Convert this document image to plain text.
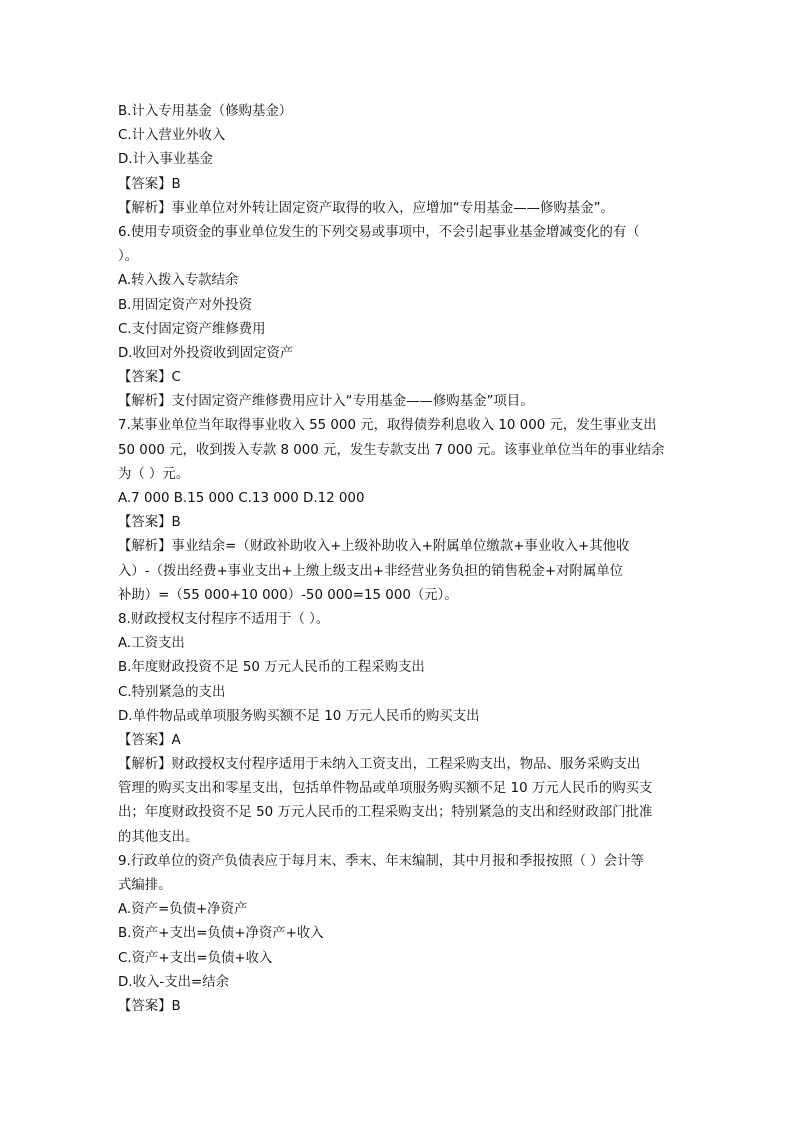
B.计入专用基金（修购基金）
C.计入营业外收入
D.计入事业基金
【答案】B
【解析】事业单位对外转让固定资产取得的收入，应增加“专用基金——修购基金”。
6.使用专项资金的事业单位发生的下列交易或事项中，不会引起事业基金增减变化的有（
）。
A.转入拨入专款结余
B.用固定资产对外投资
C.支付固定资产维修费用
D.收回对外投资收到固定资产
【答案】C
【解析】支付固定资产维修费用应计入“专用基金——修购基金”项目。
7.某事业单位当年取得事业收入 55 000 元，取得债券利息收入 10 000 元，发生事业支出
50 000 元，收到拨入专款 8 000 元，发生专款支出 7 000 元。该事业单位当年的事业结余
为（ ）元。
A.7 000 B.15 000 C.13 000 D.12 000
【答案】B
【解析】事业结余=（财政补助收入+上级补助收入+附属单位缴款+事业收入+其他收
入）-（拨出经费+事业支出+上缴上级支出+非经营业务负担的销售税金+对附属单位
补助）=（55 000+10 000）-50 000=15 000（元）。
8.财政授权支付程序不适用于（ ）。
A.工资支出
B.年度财政投资不足 50 万元人民币的工程采购支出
C.特别紧急的支出
D.单件物品或单项服务购买额不足 10 万元人民币的购买支出
【答案】A
【解析】财政授权支付程序适用于未纳入工资支出，工程采购支出，物品、服务采购支出
管理的购买支出和零星支出，包括单件物品或单项服务购买额不足 10 万元人民币的购买支
出；年度财政投资不足 50 万元人民币的工程采购支出；特别紧急的支出和经财政部门批准
的其他支出。
9.行政单位的资产负债表应于每月末、季末、年末编制，其中月报和季报按照（ ）会计等
式编排。
A.资产=负债+净资产
B.资产+支出=负债+净资产+收入
C.资产+支出=负债+收入
D.收入-支出=结余
【答案】B
